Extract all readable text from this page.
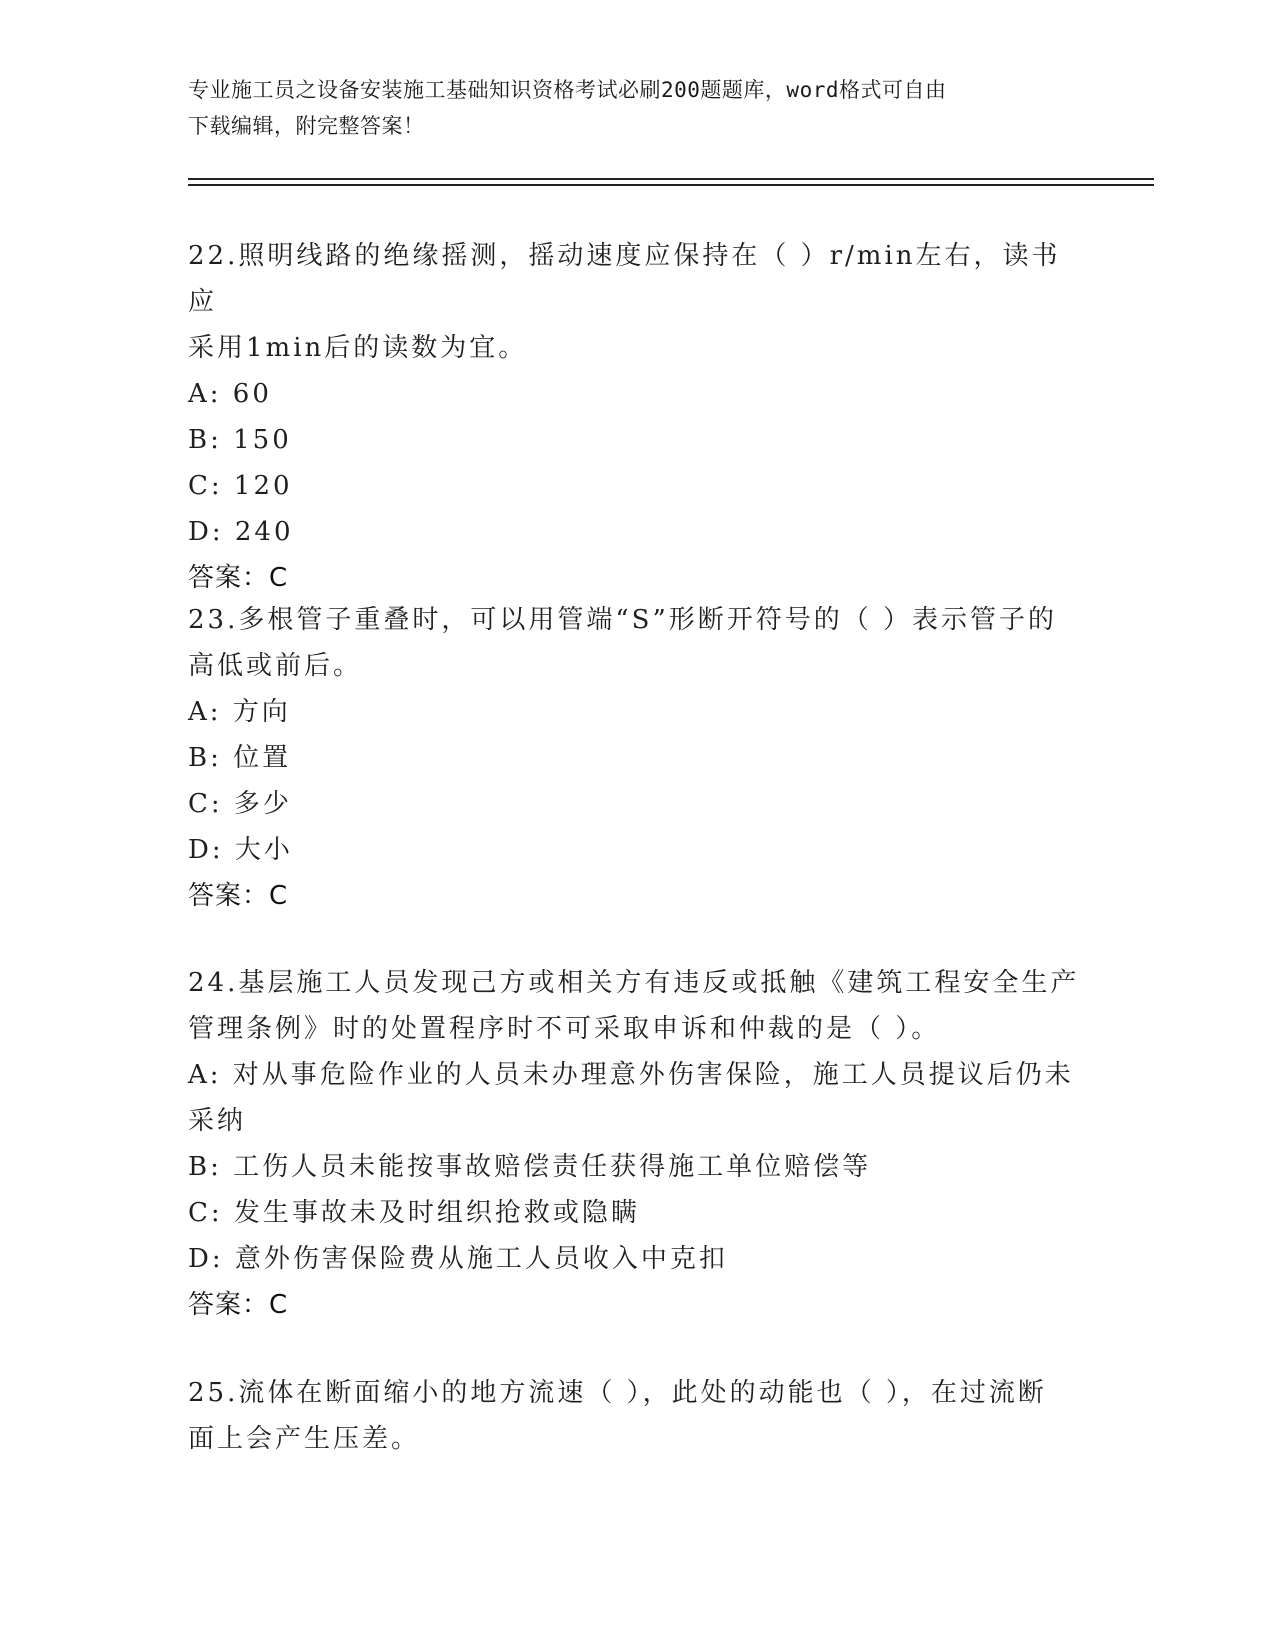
专业施工员之设备安装施工基础知识资格考试必刷200题题库，word格式可自由
下载编辑，附完整答案！
22.照明线路的绝缘摇测，摇动速度应保持在（ ）r/min左右，读书应
采用1min后的读数为宜。
A: 60
B: 150
C: 120
D: 240
答案：C
23.多根管子重叠时，可以用管端“S”形断开符号的（ ）表示管子的
高低或前后。
A: 方向
B: 位置
C: 多少
D: 大小
答案：C
24.基层施工人员发现己方或相关方有违反或抵触《建筑工程安全生产
管理条例》时的处置程序时不可采取申诉和仲裁的是（ ）。
A: 对从事危险作业的人员未办理意外伤害保险，施工人员提议后仍未
采纳
B: 工伤人员未能按事故赔偿责任获得施工单位赔偿等
C: 发生事故未及时组织抢救或隐瞒
D: 意外伤害保险费从施工人员收入中克扣
答案：C
25.流体在断面缩小的地方流速（ ），此处的动能也（ ），在过流断
面上会产生压差。
